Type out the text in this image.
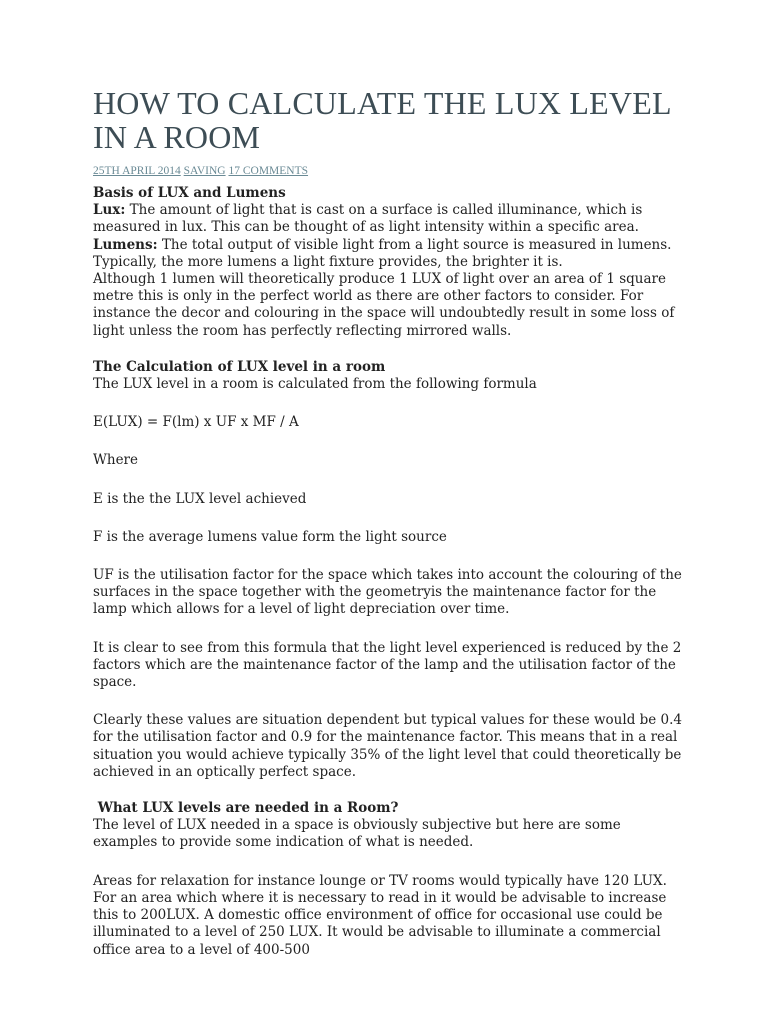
HOW TO CALCULATE THE LUX LEVEL IN A ROOM
25TH APRIL 2014 SAVING 17 COMMENTS

Basis of LUX and Lumens

Lux: The amount of light that is cast on a surface is called illuminance, which is measured in lux. This can be thought of as light intensity within a specific area.

Lumens: The total output of visible light from a light source is measured in lumens. Typically, the more lumens a light fixture provides, the brighter it is.

Although 1 lumen will theoretically produce 1 LUX of light over an area of 1 square metre this is only in the perfect world as there are other factors to consider. For instance the decor and colouring in the space will undoubtedly result in some loss of light unless the room has perfectly reflecting mirrored walls.

The Calculation of LUX level in a room

The LUX level in a room is calculated from the following formula

E(LUX) = F(lm) x UF x MF / A

Where

E is the the LUX level achieved

F is the average lumens value form the light source

UF is the utilisation factor for the space which takes into account the colouring of the surfaces in the space together with the geometryis the maintenance factor for the lamp which allows for a level of light depreciation over time.

It is clear to see from this formula that the light level experienced is reduced by the 2 factors which are the maintenance factor of the lamp and the utilisation factor of the space.

Clearly these values are situation dependent but typical values for these would be 0.4 for the utilisation factor and 0.9 for the maintenance factor. This means that in a real situation you would achieve typically 35% of the light level that could theoretically be achieved in an optically perfect space.

What LUX levels are needed in a Room?

The level of LUX needed in a space is obviously subjective but here are some examples to provide some indication of what is needed.

Areas for relaxation for instance lounge or TV rooms would typically have 120 LUX. For an area which where it is necessary to read in it would be advisable to increase this to 200LUX. A domestic office environment of office for occasional use could be illuminated to a level of 250 LUX. It would be advisable to illuminate a commercial office area to a level of 400-500
